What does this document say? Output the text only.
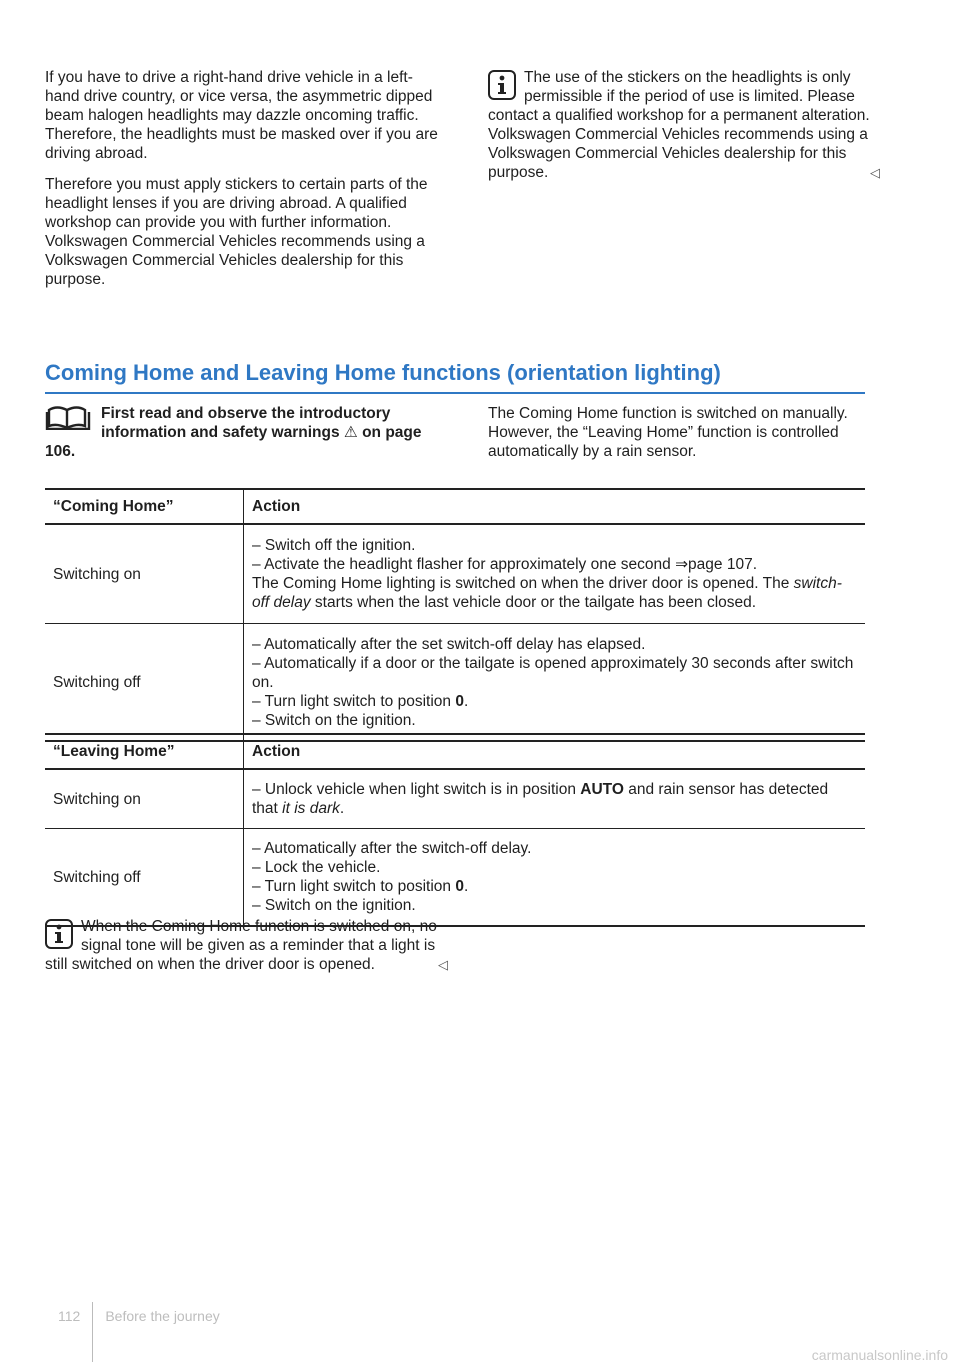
If you have to drive a right-hand drive vehicle in a left-hand drive country, or vice versa, the asymmetric dipped beam halogen headlights may dazzle oncoming traffic. Therefore, the headlights must be masked over if you are driving abroad.

Therefore you must apply stickers to certain parts of the headlight lenses if you are driving abroad. A qualified workshop can provide you with further information. Volkswagen Commercial Vehicles recommends using a Volkswagen Commercial Vehicles dealership for this purpose.

The use of the stickers on the headlights is only permissible if the period of use is limited. Please contact a qualified workshop for a permanent alteration. Volkswagen Commercial Vehicles recommends using a Volkswagen Commercial Vehicles dealership for this purpose.	◁

Coming Home and Leaving Home functions (orientation lighting)
First read and observe the introductory information and safety warnings ⚠ on page 106.
The Coming Home function is switched on manually. However, the “Leaving Home” function is controlled automatically by a rain sensor.
“Coming Home”	Action
Switching on	– Switch off the ignition.
– Activate the headlight flasher for approximately one second ⇒page 107.
The Coming Home lighting is switched on when the driver door is opened. The switch-off delay starts when the last vehicle door or the tailgate has been closed.

Switching off	– Automatically after the set switch-off delay has elapsed.
– Automatically if a door or the tailgate is opened approximately 30 seconds after switch on.
– Turn light switch to position 0.
– Switch on the ignition.
“Leaving Home”	Action
Switching on	– Unlock vehicle when light switch is in position AUTO and rain sensor has detected that it is dark.
Switching off	– Automatically after the switch-off delay.
– Lock the vehicle.
– Turn light switch to position 0.
– Switch on the ignition.
When the Coming Home function is switched on, no signal tone will be given as a reminder that a light is still switched on when the driver door is opened.	◁
112 Before the journey
carmanualsonline.info
